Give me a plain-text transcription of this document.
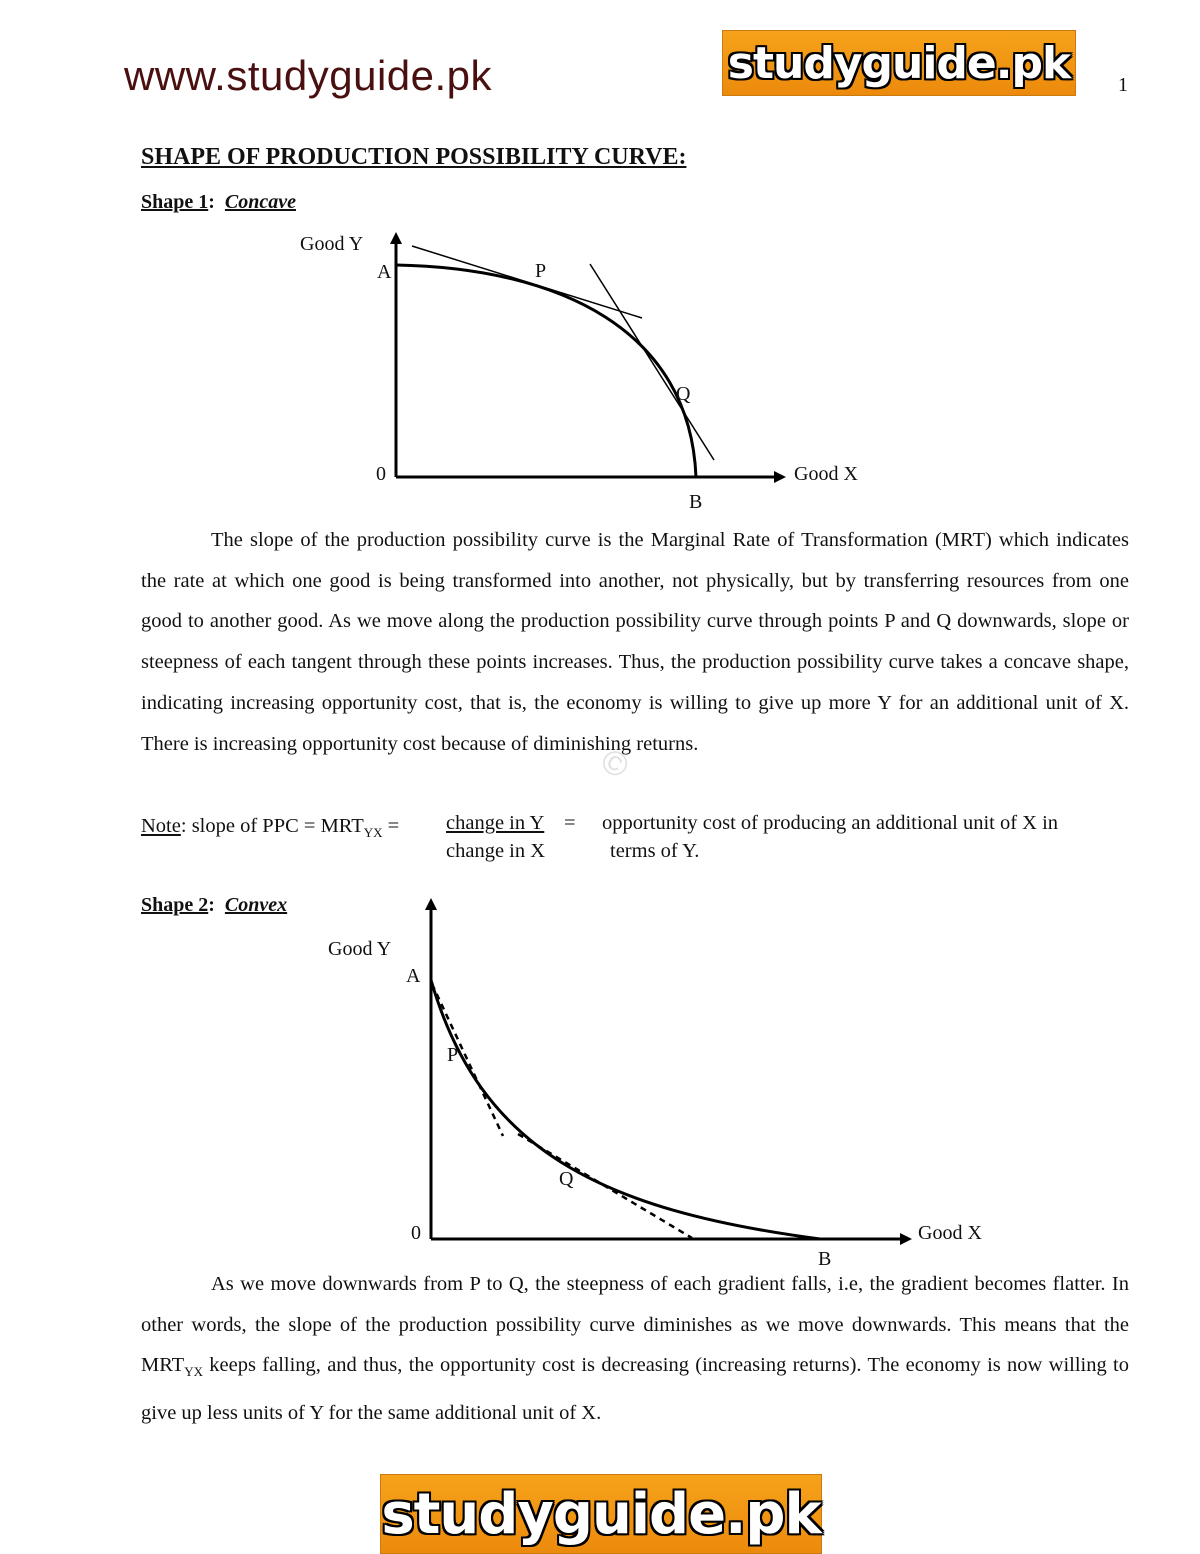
www.studyguide.pk	studyguide.pk 1
SHAPE OF PRODUCTION POSSIBILITY CURVE:
Shape 1:  Concave
Good Y
A	P
Q
0	Good X
B

The slope of the production possibility curve is the Marginal Rate of Transformation (MRT) which indicates the rate at which one good is being transformed into another, not physically, but by transferring resources from one good to another good. As we move along the production possibility curve through points P and Q downwards, slope or steepness of each tangent through these points increases. Thus, the production possibility curve takes a concave shape, indicating increasing opportunity cost, that is, the economy is willing to give up more Y for an additional unit of X. There is increasing opportunity cost because of diminishing returns.

©
Note: slope of PPC = $MRT_{YX}$ = change in Y =
change in X
opportunity cost of producing an additional unit of X in
terms of Y.
Shape 2:  Convex
Good Y
A
P
Q
0	Good X
B

As we move downwards from P to Q, the steepness of each gradient falls, i.e, the gradient becomes flatter. In other words, the slope of the production possibility curve diminishes as we move downwards. This means that the $MRT_{YX}$ keeps falling, and thus, the opportunity cost is decreasing (increasing returns). The economy is now willing to give up less units of Y for the same additional unit of X.

studyguide.pk
